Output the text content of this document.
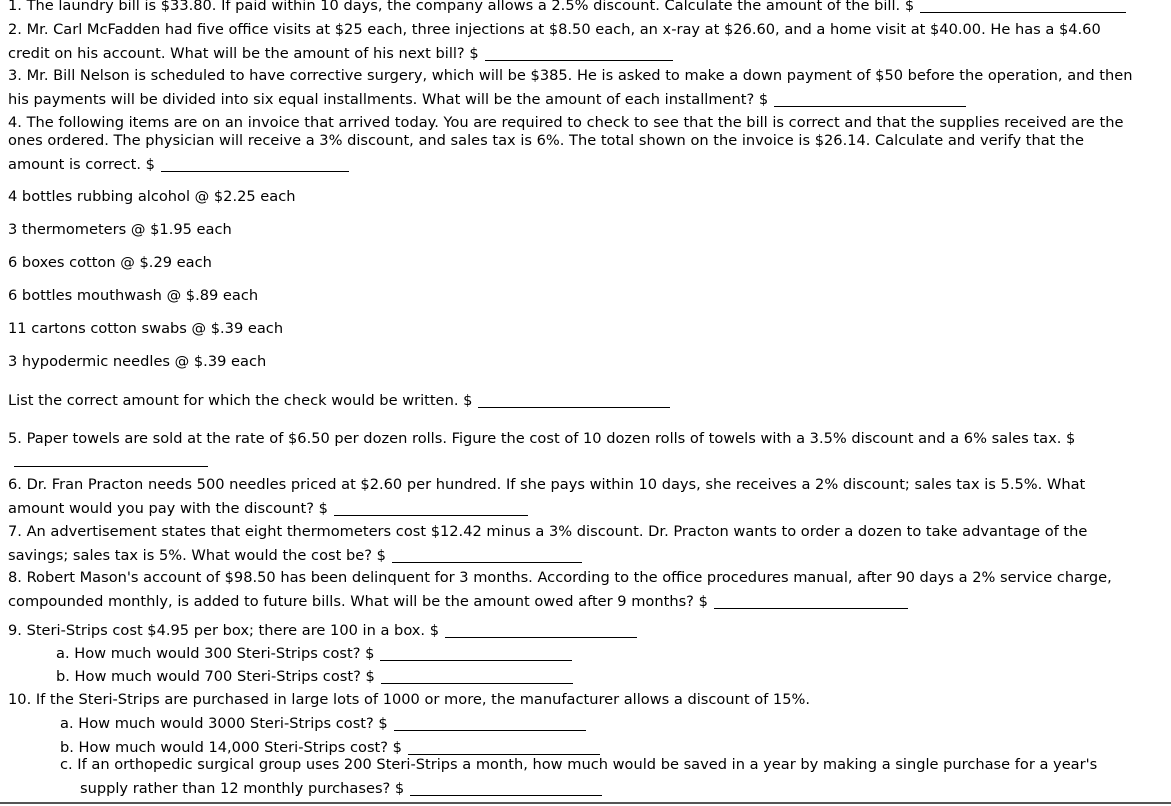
1. The laundry bill is $33.80. If paid within 10 days, the company allows a 2.5% discount. Calculate the amount of the bill. $
2. Mr. Carl McFadden had five office visits at $25 each, three injections at $8.50 each, an x-ray at $26.60, and a home visit at $40.00. He has a $4.60
credit on his account. What will be the amount of his next bill? $
3. Mr. Bill Nelson is scheduled to have corrective surgery, which will be $385. He is asked to make a down payment of $50 before the operation, and then
his payments will be divided into six equal installments. What will be the amount of each installment? $
4. The following items are on an invoice that arrived today. You are required to check to see that the bill is correct and that the supplies received are the
ones ordered. The physician will receive a 3% discount, and sales tax is 6%. The total shown on the invoice is $26.14. Calculate and verify that the
amount is correct. $
4 bottles rubbing alcohol @ $2.25 each
3 thermometers @ $1.95 each
6 boxes cotton @ $.29 each
6 bottles mouthwash @ $.89 each
11 cartons cotton swabs @ $.39 each
3 hypodermic needles @ $.39 each
List the correct amount for which the check would be written. $
5. Paper towels are sold at the rate of $6.50 per dozen rolls. Figure the cost of 10 dozen rolls of towels with a 3.5% discount and a 6% sales tax. $
6. Dr. Fran Practon needs 500 needles priced at $2.60 per hundred. If she pays within 10 days, she receives a 2% discount; sales tax is 5.5%. What
amount would you pay with the discount? $
7. An advertisement states that eight thermometers cost $12.42 minus a 3% discount. Dr. Practon wants to order a dozen to take advantage of the
savings; sales tax is 5%. What would the cost be? $
8. Robert Mason's account of $98.50 has been delinquent for 3 months. According to the office procedures manual, after 90 days a 2% service charge,
compounded monthly, is added to future bills. What will be the amount owed after 9 months? $
9. Steri-Strips cost $4.95 per box; there are 100 in a box. $
a. How much would 300 Steri-Strips cost? $
b. How much would 700 Steri-Strips cost? $
10. If the Steri-Strips are purchased in large lots of 1000 or more, the manufacturer allows a discount of 15%.
a. How much would 3000 Steri-Strips cost? $
b. How much would 14,000 Steri-Strips cost? $
c. If an orthopedic surgical group uses 200 Steri-Strips a month, how much would be saved in a year by making a single purchase for a year's
supply rather than 12 monthly purchases? $
